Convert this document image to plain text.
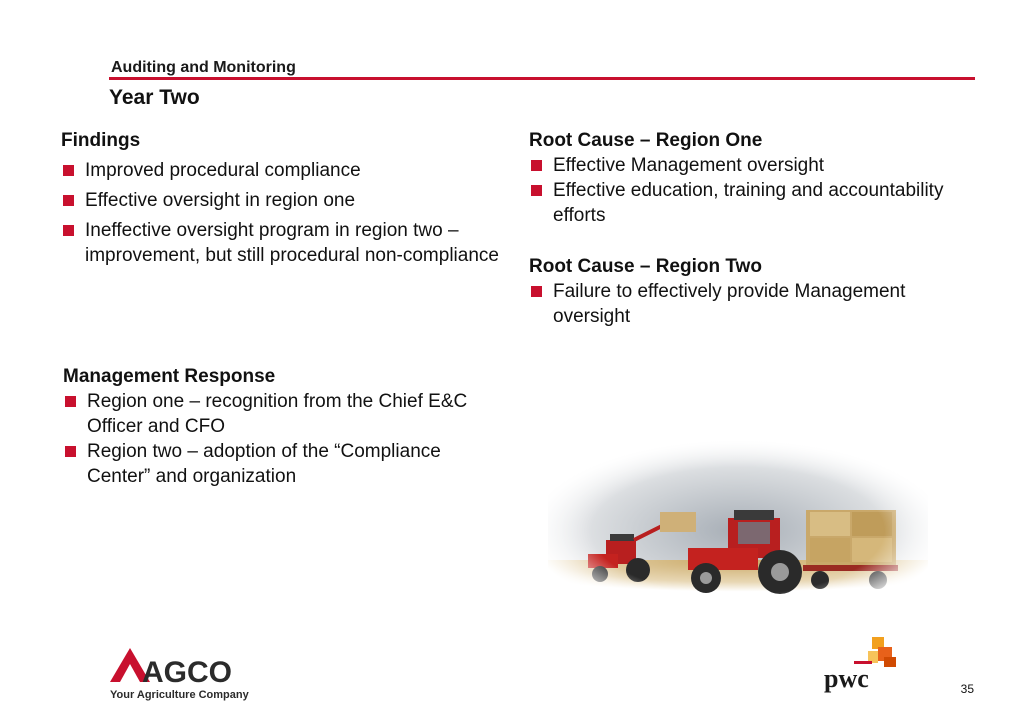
Auditing and Monitoring
Year Two
Findings
Improved procedural compliance
Effective oversight in region one
Ineffective oversight program in region two – improvement, but still procedural non-compliance
Root Cause – Region One
Effective Management oversight
Effective education, training and accountability efforts
Root Cause – Region Two
Failure to effectively provide Management oversight
Management Response
Region one – recognition from the Chief E&C Officer and CFO
Region two – adoption of the “Compliance Center” and organization
AGCO
Your Agriculture Company
pwc	35
